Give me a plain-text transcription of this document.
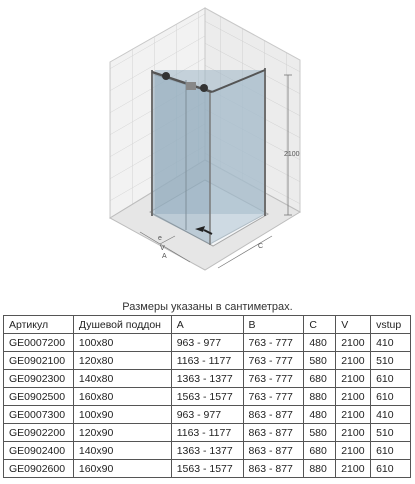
2100
e
V
A
C
Размеры указаны в сантиметрах.
Артикул	Душевой поддон	A	B	C	V	vstup
GE0007200	100x80	963 - 977	763 - 777	480	2100	410
GE0902100	120x80	1163 - 1177	763 - 777	580	2100	510
GE0902300	140x80	1363 - 1377	763 - 777	680	2100	610
GE0902500	160x80	1563 - 1577	763 - 777	880	2100	610
GE0007300	100x90	963 - 977	863 - 877	480	2100	410
GE0902200	120x90	1163 - 1177	863 - 877	580	2100	510
GE0902400	140x90	1363 - 1377	863 - 877	680	2100	610
GE0902600	160x90	1563 - 1577	863 - 877	880	2100	610
